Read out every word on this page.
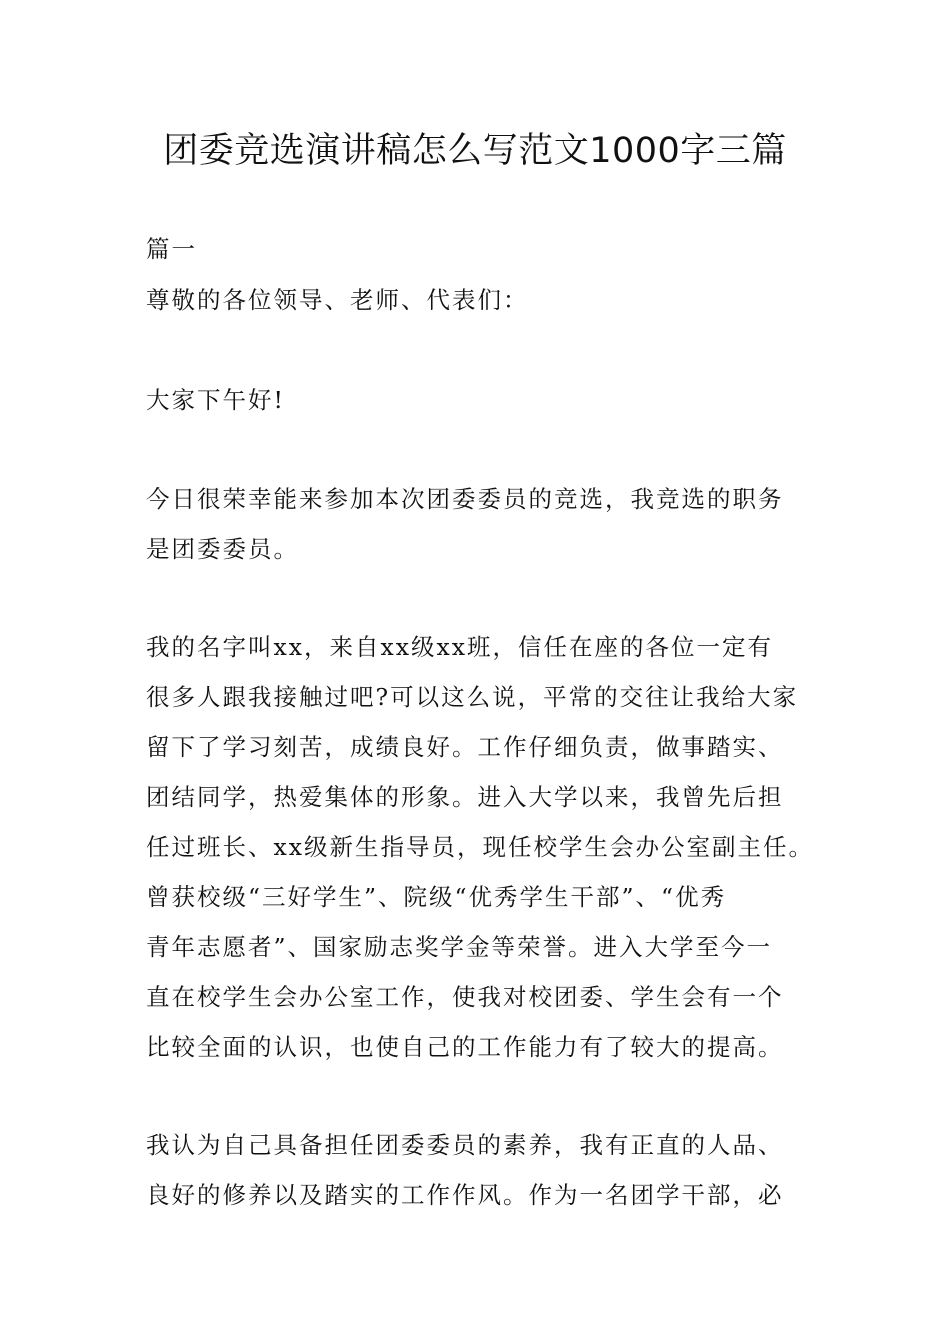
团委竞选演讲稿怎么写范文1000字三篇
篇一
尊敬的各位领导、老师、代表们：
大家下午好!
今日很荣幸能来参加本次团委委员的竞选，我竞选的职务
是团委委员。
我的名字叫xx，来自xx级xx班，信任在座的各位一定有
很多人跟我接触过吧?可以这么说，平常的交往让我给大家
留下了学习刻苦，成绩良好。工作仔细负责，做事踏实、
团结同学，热爱集体的形象。进入大学以来，我曾先后担
任过班长、xx级新生指导员，现任校学生会办公室副主任。
曾获校级“三好学生”、院级“优秀学生干部”、“优秀
青年志愿者”、国家励志奖学金等荣誉。进入大学至今一
直在校学生会办公室工作，使我对校团委、学生会有一个
比较全面的认识，也使自己的工作能力有了较大的提高。
我认为自己具备担任团委委员的素养，我有正直的人品、
良好的修养以及踏实的工作作风。作为一名团学干部，必
